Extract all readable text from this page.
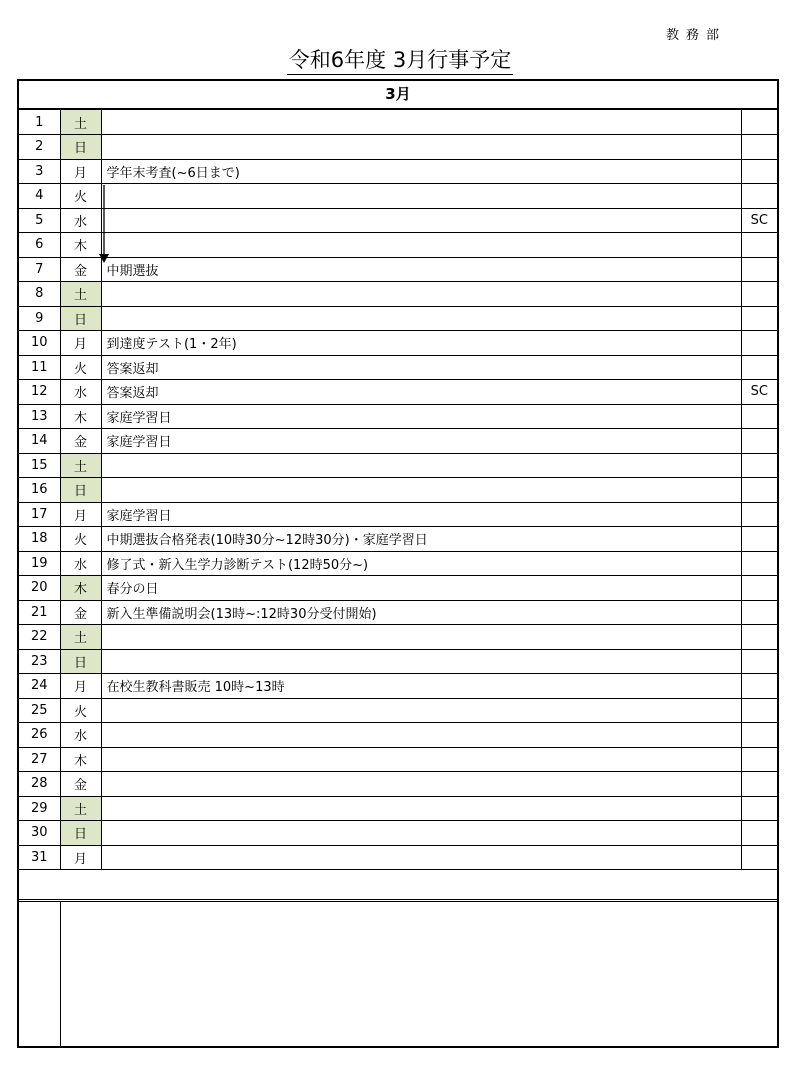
教務部
令和6年度 3月行事予定
3月
1	土		
2	日		
3	月	学年末考査(~6日まで)	
4	火		
5	水		SC
6	木		
7	金	中期選抜	
8	土		
9	日		
10	月	到達度テスト(1・2年)	
11	火	答案返却	
12	水	答案返却	SC
13	木	家庭学習日	
14	金	家庭学習日	
15	土		
16	日		
17	月	家庭学習日	
18	火	中期選抜合格発表(10時30分~12時30分)・家庭学習日	
19	水	修了式・新入生学力診断テスト(12時50分~)	
20	木	春分の日	
21	金	新入生準備説明会(13時~:12時30分受付開始)	
22	土		
23	日		
24	月	在校生教科書販売 10時~13時	
25	火		
26	水		
27	木		
28	金		
29	土		
30	日		
31	月		
